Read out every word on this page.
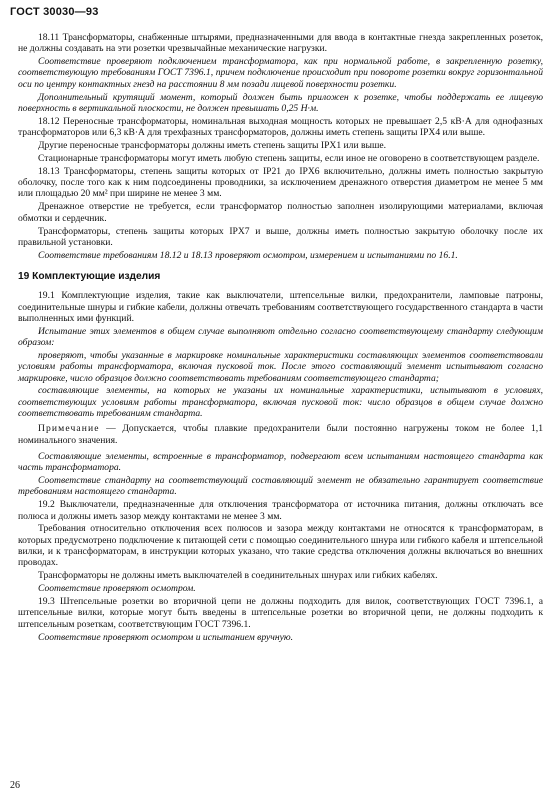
ГОСТ 30030—93

18.11 Трансформаторы, снабженные штырями, предназначенными для ввода в контактные гнезда закрепленных розеток, не должны создавать на эти розетки чрезвычайные механические нагрузки.

Соответствие проверяют подключением трансформатора, как при нормальной работе, в закрепленную розетку, соответствующую требованиям ГОСТ 7396.1, причем подключение происходит при повороте розетки вокруг горизонтальной оси по центру контактных гнезд на расстоянии 8 мм позади лицевой поверхности розетки.

Дополнительный крутящий момент, который должен быть приложен к розетке, чтобы поддержать ее лицевую поверхность в вертикальной плоскости, не должен превышать 0,25 Н·м.

18.12 Переносные трансформаторы, номинальная выходная мощность которых не превышает 2,5 кВ·А для однофазных трансформаторов или 6,3 кВ·А для трехфазных трансформаторов, должны иметь степень защиты IPX4 или выше.

Другие переносные трансформаторы должны иметь степень защиты IPX1 или выше.

Стационарные трансформаторы могут иметь любую степень защиты, если иное не оговорено в соответствующем разделе.

18.13 Трансформаторы, степень защиты которых от IP21 до IPX6 включительно, должны иметь полностью закрытую оболочку, после того как к ним подсоединены проводники, за исключением дренажного отверстия диаметром не менее 5 мм или площадью 20 мм² при ширине не менее 3 мм.

Дренажное отверстие не требуется, если трансформатор полностью заполнен изолирующими материалами, включая обмотки и сердечник.

Трансформаторы, степень защиты которых IPX7 и выше, должны иметь полностью закрытую оболочку после их правильной установки.

Соответствие требованиям 18.12 и 18.13 проверяют осмотром, измерением и испытаниями по 16.1.

19 Комплектующие изделия

19.1 Комплектующие изделия, такие как выключатели, штепсельные вилки, предохранители, ламповые патроны, соединительные шнуры и гибкие кабели, должны отвечать требованиям соответствующего государственного стандарта в части выполненных ими функций.

Испытание этих элементов в общем случае выполняют отдельно согласно соответствующему стандарту следующим образом:

проверяют, чтобы указанные в маркировке номинальные характеристики составляющих элементов соответствовали условиям работы трансформатора, включая пусковой ток. После этого составляющий элемент испытывают согласно маркировке, число образцов должно соответствовать требованиям соответствующего стандарта;

составляющие элементы, на которых не указаны их номинальные характеристики, испытывают в условиях, соответствующих условиям работы трансформатора, включая пусковой ток: число образцов в общем случае должно соответствовать требованиям стандарта.

Примечание — Допускается, чтобы плавкие предохранители были постоянно нагружены током не более 1,1 номинального значения.

Составляющие элементы, встроенные в трансформатор, подвергают всем испытаниям настоящего стандарта как часть трансформатора.

Соответствие стандарту на соответствующий составляющий элемент не обязательно гарантирует соответствие требованиям настоящего стандарта.

19.2 Выключатели, предназначенные для отключения трансформатора от источника питания, должны отключать все полюса и должны иметь зазор между контактами не менее 3 мм.

Требования относительно отключения всех полюсов и зазора между контактами не относятся к трансформаторам, в которых предусмотрено подключение к питающей сети с помощью соединительного шнура или гибкого кабеля и штепсельной вилки, и к трансформаторам, в инструкции которых указано, что такие средства отключения должны включаться во внешних проводах.

Трансформаторы не должны иметь выключателей в соединительных шнурах или гибких кабелях.

Соответствие проверяют осмотром.

19.3 Штепсельные розетки во вторичной цепи не должны подходить для вилок, соответствующих ГОСТ 7396.1, а штепсельные вилки, которые могут быть введены в штепсельные розетки во вторичной цепи, не должны подходить к штепсельным розеткам, соответствующим ГОСТ 7396.1.

Соответствие проверяют осмотром и испытанием вручную.

26
